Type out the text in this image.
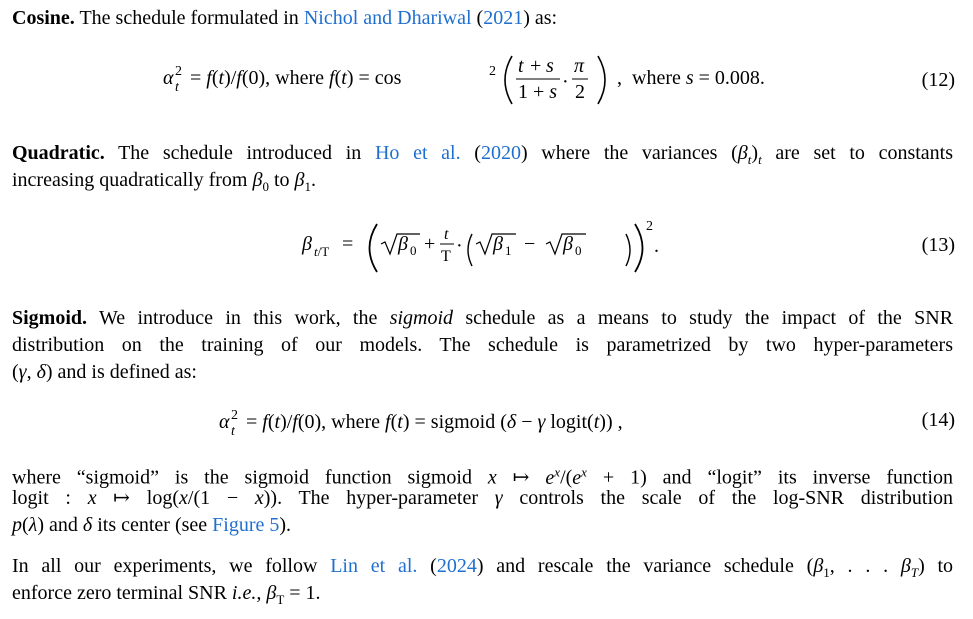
Cosine. The schedule formulated in Nichol and Dhariwal (2021) as:

α 2
t = f(t)/f(0), where f(t) = cos	2 t + s
1 + s ·
π
2
, where s = 0.008.	(12)

Quadratic. The schedule introduced in Ho et al. (2020) where the variances $(\beta_t)_t$ are set to constants

increasing quadratically from $\beta_0$ to $\beta_1$.

β t/T =
2
β 0 + t
T · β 1 − β 0	.	(13)

Sigmoid. We introduce in this work, the sigmoid schedule as a means to study the impact of the SNR

distribution on the training of our models. The schedule is parametrized by two hyper-parameters

(γ, δ) and is defined as:

α 2
t = f(t)/f(0), where f(t) = sigmoid (δ − γ logit(t)) ,	(14)

where “sigmoid” is the sigmoid function sigmoid x ↦ $e^x/(e^x + 1)$ and “logit” its inverse function

logit : x ↦ log(x/(1 − x)). The hyper-parameter γ controls the scale of the log-SNR distribution

p(λ) and δ its center (see Figure 5).

In all our experiments, we follow Lin et al. (2024) and rescale the variance schedule ($\beta_1$, . . . $\beta_T$) to

enforce zero terminal SNR i.e., $\beta_T = 1$.
